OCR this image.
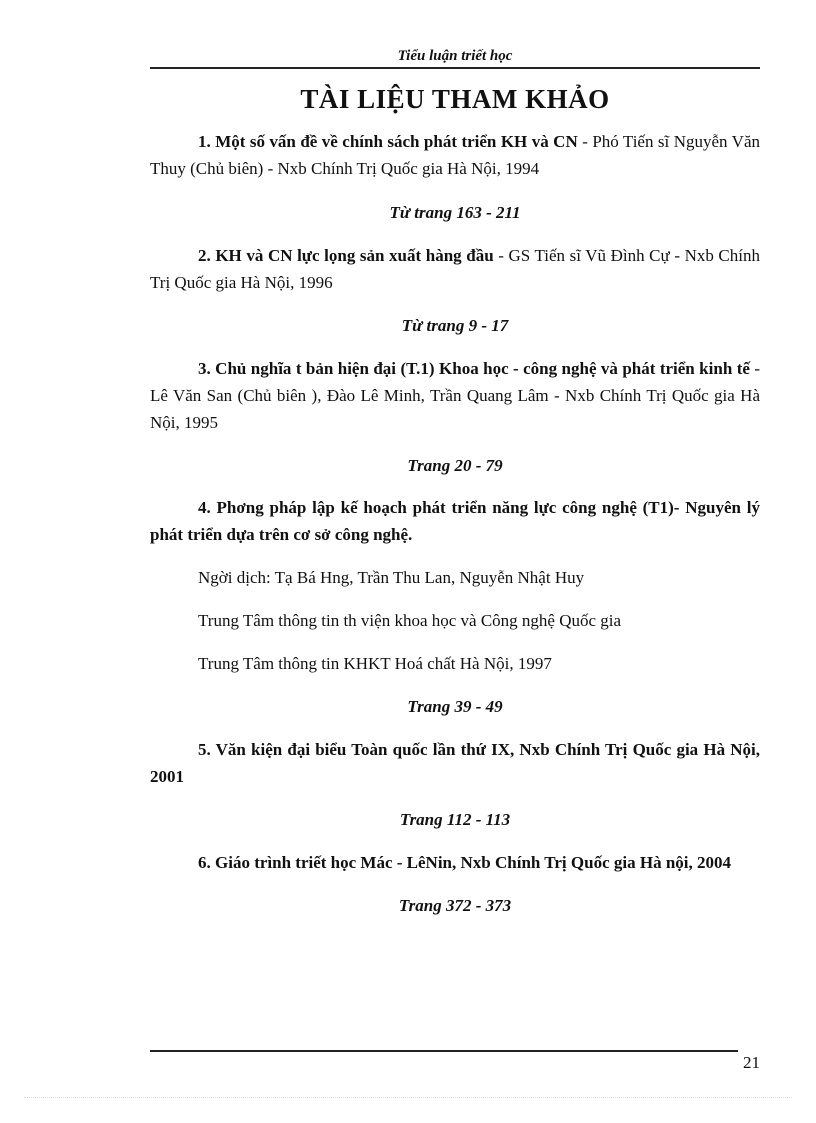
Tiểu luận triết học
TÀI LIỆU THAM KHẢO

1. Một số vấn đề về chính sách phát triển KH và CN - Phó Tiến sĩ Nguyễn Văn Thuy (Chủ biên) - Nxb Chính Trị Quốc gia Hà Nội, 1994

Từ trang 163 - 211

2. KH và CN lực lọng sản xuất hàng đầu - GS Tiến sĩ Vũ Đình Cự - Nxb Chính Trị Quốc gia Hà Nội, 1996

Từ trang 9 - 17

3. Chủ nghĩa t bản hiện đại (T.1) Khoa học - công nghệ và phát triển kinh tế - Lê Văn San (Chủ biên ), Đào Lê Minh, Trần Quang Lâm - Nxb Chính Trị Quốc gia Hà Nội, 1995

Trang 20 - 79

4. Phơng pháp lập kế hoạch phát triển năng lực công nghệ (T1)- Nguyên lý phát triển dựa trên cơ sở công nghệ.

Ngời dịch: Tạ Bá Hng, Trần Thu Lan, Nguyễn Nhật Huy

Trung Tâm thông tin th viện khoa học và Công nghệ Quốc gia

Trung Tâm thông tin KHKT Hoá chất Hà Nội, 1997

Trang 39 - 49

5. Văn kiện đại biểu Toàn quốc lần thứ IX, Nxb Chính Trị Quốc gia Hà Nội, 2001

Trang 112 - 113

6. Giáo trình triết học Mác - LêNin, Nxb Chính Trị Quốc gia Hà nội, 2004

Trang 372 - 373

21
